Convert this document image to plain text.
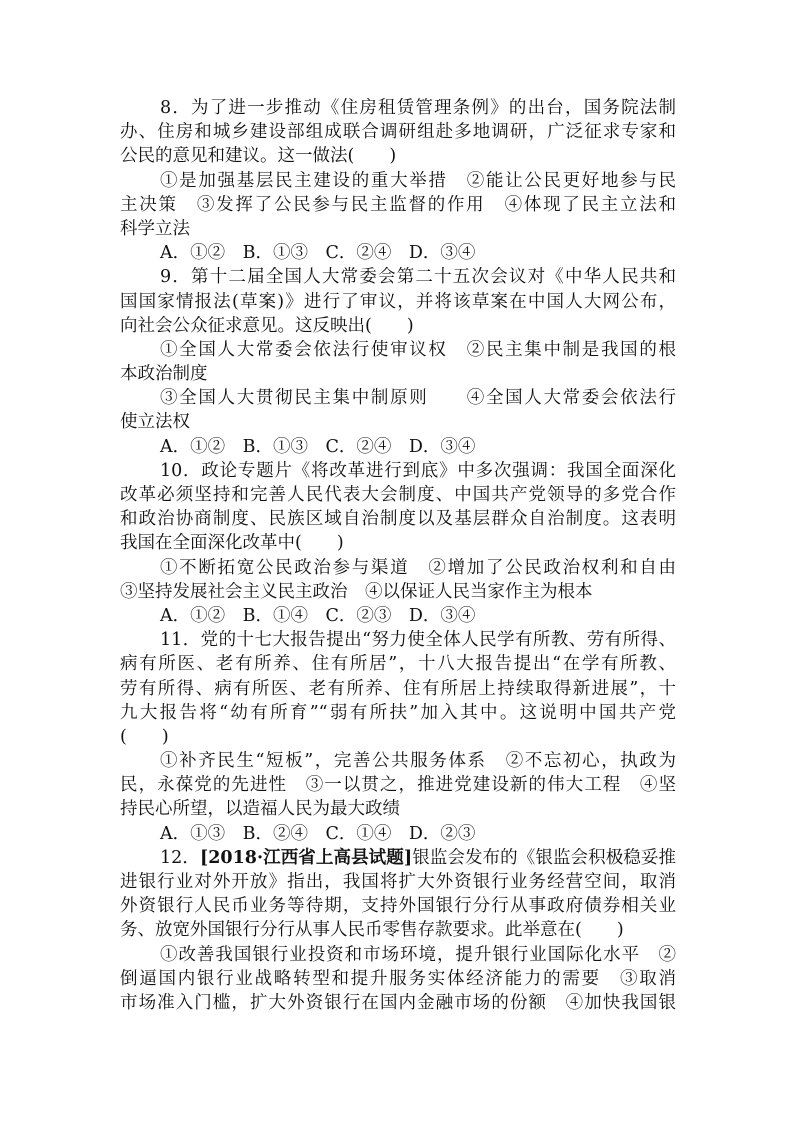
8．为了进一步推动《住房租赁管理条例》的出台，国务院法制
办、住房和城乡建设部组成联合调研组赴多地调研，广泛征求专家和
公民的意见和建议。这一做法(　　)
①是加强基层民主建设的重大举措　②能让公民更好地参与民
主决策　③发挥了公民参与民主监督的作用　④体现了民主立法和
科学立法
A．①②　B．①③　C．②④　D．③④
9．第十二届全国人大常委会第二十五次会议对《中华人民共和
国国家情报法(草案)》进行了审议，并将该草案在中国人大网公布，
向社会公众征求意见。这反映出(　　)
①全国人大常委会依法行使审议权　②民主集中制是我国的根
本政治制度
③全国人大贯彻民主集中制原则　　④全国人大常委会依法行
使立法权
A．①②　B．①③　C．②④　D．③④
10．政论专题片《将改革进行到底》中多次强调：我国全面深化
改革必须坚持和完善人民代表大会制度、中国共产党领导的多党合作
和政治协商制度、民族区域自治制度以及基层群众自治制度。这表明
我国在全面深化改革中(　　)
①不断拓宽公民政治参与渠道　②增加了公民政治权利和自由
③坚持发展社会主义民主政治　④以保证人民当家作主为根本
A．①②　B．①④　C．②③　D．③④
11．党的十七大报告提出“努力使全体人民学有所教、劳有所得、
病有所医、老有所养、住有所居”，十八大报告提出“在学有所教、
劳有所得、病有所医、老有所养、住有所居上持续取得新进展”，十
九大报告将“幼有所育”“弱有所扶”加入其中。这说明中国共产党
(　　)
①补齐民生“短板”，完善公共服务体系　②不忘初心，执政为
民，永葆党的先进性　③一以贯之，推进党建设新的伟大工程　④坚
持民心所望，以造福人民为最大政绩
A．①③　B．②④　C．①④　D．②③
12．[2018·江西省上高县试题]银监会发布的《银监会积极稳妥推
进银行业对外开放》指出，我国将扩大外资银行业务经营空间，取消
外资银行人民币业务等待期，支持外国银行分行从事政府债券相关业
务、放宽外国银行分行从事人民币零售存款要求。此举意在(　　)
①改善我国银行业投资和市场环境，提升银行业国际化水平　②
倒逼国内银行业战略转型和提升服务实体经济能力的需要　③取消
市场准入门槛，扩大外资银行在国内金融市场的份额　④加快我国银
